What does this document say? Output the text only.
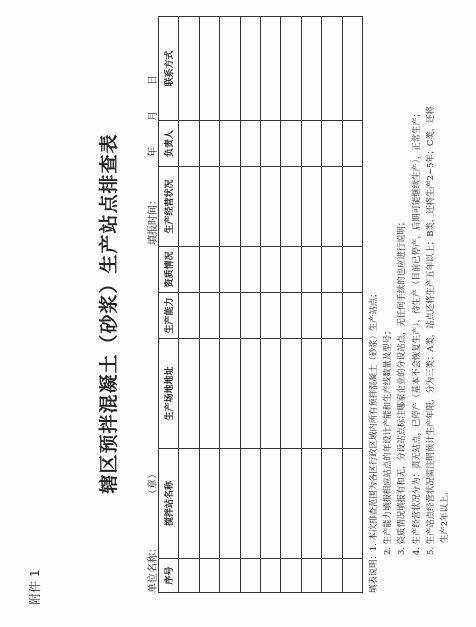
附件 1
辖区预拌混凝土（砂浆）生产站点排查表
单位名称：（章）
填报时间：
年月日
序号	搅拌站名称	生产场地地址	生产能力	资质情况	生产经营状况	负责人	联系方式

填表说明：1. 本次排查范围为各区行政区域内所有预拌混凝土（砂浆）生产站点； 2. 生产能力填报相应站点的年设计产能和生产线数量及型号； 3. 资质情况填报有和无，分设站点标注哪家企业的分设站点，无任何手续的也应进行说明； 4. 生产经营状况分为：责无站点，已停产（基本不会恢复生产），待生产（目前已停产，后期可能继续生产），正常生产； 5. 生产站点经营状况需注明预计生产年限，分为三类：A类，站点还将生产五年以上；B类，还将生产2~5年；C类，还将 生产2年以上。
